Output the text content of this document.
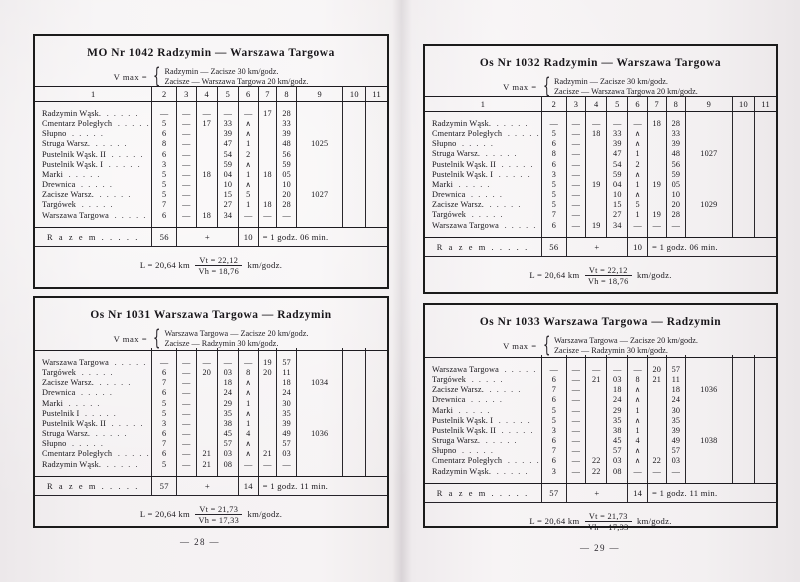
MO Nr 1042 Radzymin — Warszawa Targowa
V max = { Radzymin — Zacisze 30 km/godz.
Zacisze — Warszawa Targowa 20 km/godz.
1	2	3	4	5	6	7	8	9	10	11

Radzymin Wąsk. . . . . .	—	—	—	—	—	17	28			
Cmentarz Poległych . . . . .	5	—	17	33	∧		33			
Słupno . . . . .	6	—		39	∧		39			
Struga Warsz. . . . . .	8	—		47	1		48	1025		
Pustelnik Wąsk. II . . . . .	6	—		54	2		56			
Pustelnik Wąsk. I . . . . .	3	—		59	∧		59			
Marki . . . . .	5	—	18	04	1	18	05			
Drewnica . . . . .	5	—		10	∧		10			
Zacisze Warsz. . . . . .	5	—		15	5		20	1027		
Targówek . . . . .	7	—		27	1	18	28			
Warszawa Targowa . . . . .	6	—	18	34	—	—	—			

R a z e m . . . . .	56	+			10	= 1 godz. 06 min.				
L = 20,64 km $\frac{Vt = 22,12}{Vh = 18,76}$ km/godz.
Os Nr 1031 Warszawa Targowa — Radzymin
V max = { Warszawa Targowa — Zacisze 20 km/godz.
Zacisze — Radzymin 30 km/godz.

Warszawa Targowa . . . . .	—	—	—	—	—	19	57			
Targówek . . . . .	6	—	20	03	8	20	11			
Zacisze Warsz. . . . . .	7	—		18	∧		18	1034		
Drewnica . . . . .	6	—		24	∧		24			
Marki . . . . .	5	—		29	1		30			
Pustelnik I . . . . .	5	—		35	∧		35			
Pustelnik Wąsk. II . . . . .	3	—		38	1		39			
Struga Warsz. . . . . .	6	—		45	4		49	1036		
Słupno . . . . .	7	—		57	∧		57			
Cmentarz Poległych . . . . .	6	—	21	03	∧	21	03			
Radzymin Wąsk. . . . . .	5	—	21	08	—	—	—			

R a z e m . . . . .	57	+			14	= 1 godz. 11 min.				
L = 20,64 km $\frac{Vt = 21,73}{Vh = 17,33}$ km/godz.
— 28 —
Os Nr 1032 Radzymin — Warszawa Targowa
V max = { Radzymin — Zacisze 30 km/godz.
Zacisze — Warszawa Targowa 20 km/godz.
1	2	3	4	5	6	7	8	9	10	11

Radzymin Wąsk. . . . . .	—	—	—	—	—	18	28			
Cmentarz Poległych . . . . .	5	—	18	33	∧		33			
Słupno . . . . .	6	—		39	∧		39			
Struga Warsz. . . . . .	8	—		47	1		48	1027		
Pustelnik Wąsk. II . . . . .	6	—		54	2		56			
Pustelnik Wąsk. I . . . . .	3	—		59	∧		59			
Marki . . . . .	5	—	19	04	1	19	05			
Drewnica . . . . .	5	—		10	∧		10			
Zacisze Warsz. . . . . .	5	—		15	5		20	1029		
Targówek . . . . .	7	—		27	1	19	28			
Warszawa Targowa . . . . .	6	—	19	34	—	—	—			

R a z e m . . . . .	56	+			10	= 1 godz. 06 min.				
L = 20,64 km $\frac{Vt = 22,12}{Vh = 18,76}$ km/godz.
Os Nr 1033 Warszawa Targowa — Radzymin
V max = { Warszawa Targowa — Zacisze 20 km/godz.
Zacisze — Radzymin 30 km/godz.

Warszawa Targowa . . . . .	—	—	—	—	—	20	57			
Targówek . . . . .	6	—	21	03	8	21	11			
Zacisze Warsz. . . . . .	7	—		18	∧		18	1036		
Drewnica . . . . .	6	—		24	∧		24			
Marki . . . . .	5	—		29	1		30			
Pustelnik Wąsk. I . . . . .	5	—		35	∧		35			
Pustelnik Wąsk. II . . . . .	3	—		38	1		39			
Struga Warsz. . . . . .	6	—		45	4		49	1038		
Słupno . . . . .	7	—		57	∧		57			
Cmentarz Poległych . . . . .	6	—	22	03	∧	22	03			
Radzymin Wąsk. . . . . .	3	—	22	08	—	—	—			

R a z e m . . . . .	57	+			14	= 1 godz. 11 min.				
L = 20,64 km $\frac{Vt = 21,73}{Vh = 17,33}$ km/godz.
— 29 —
